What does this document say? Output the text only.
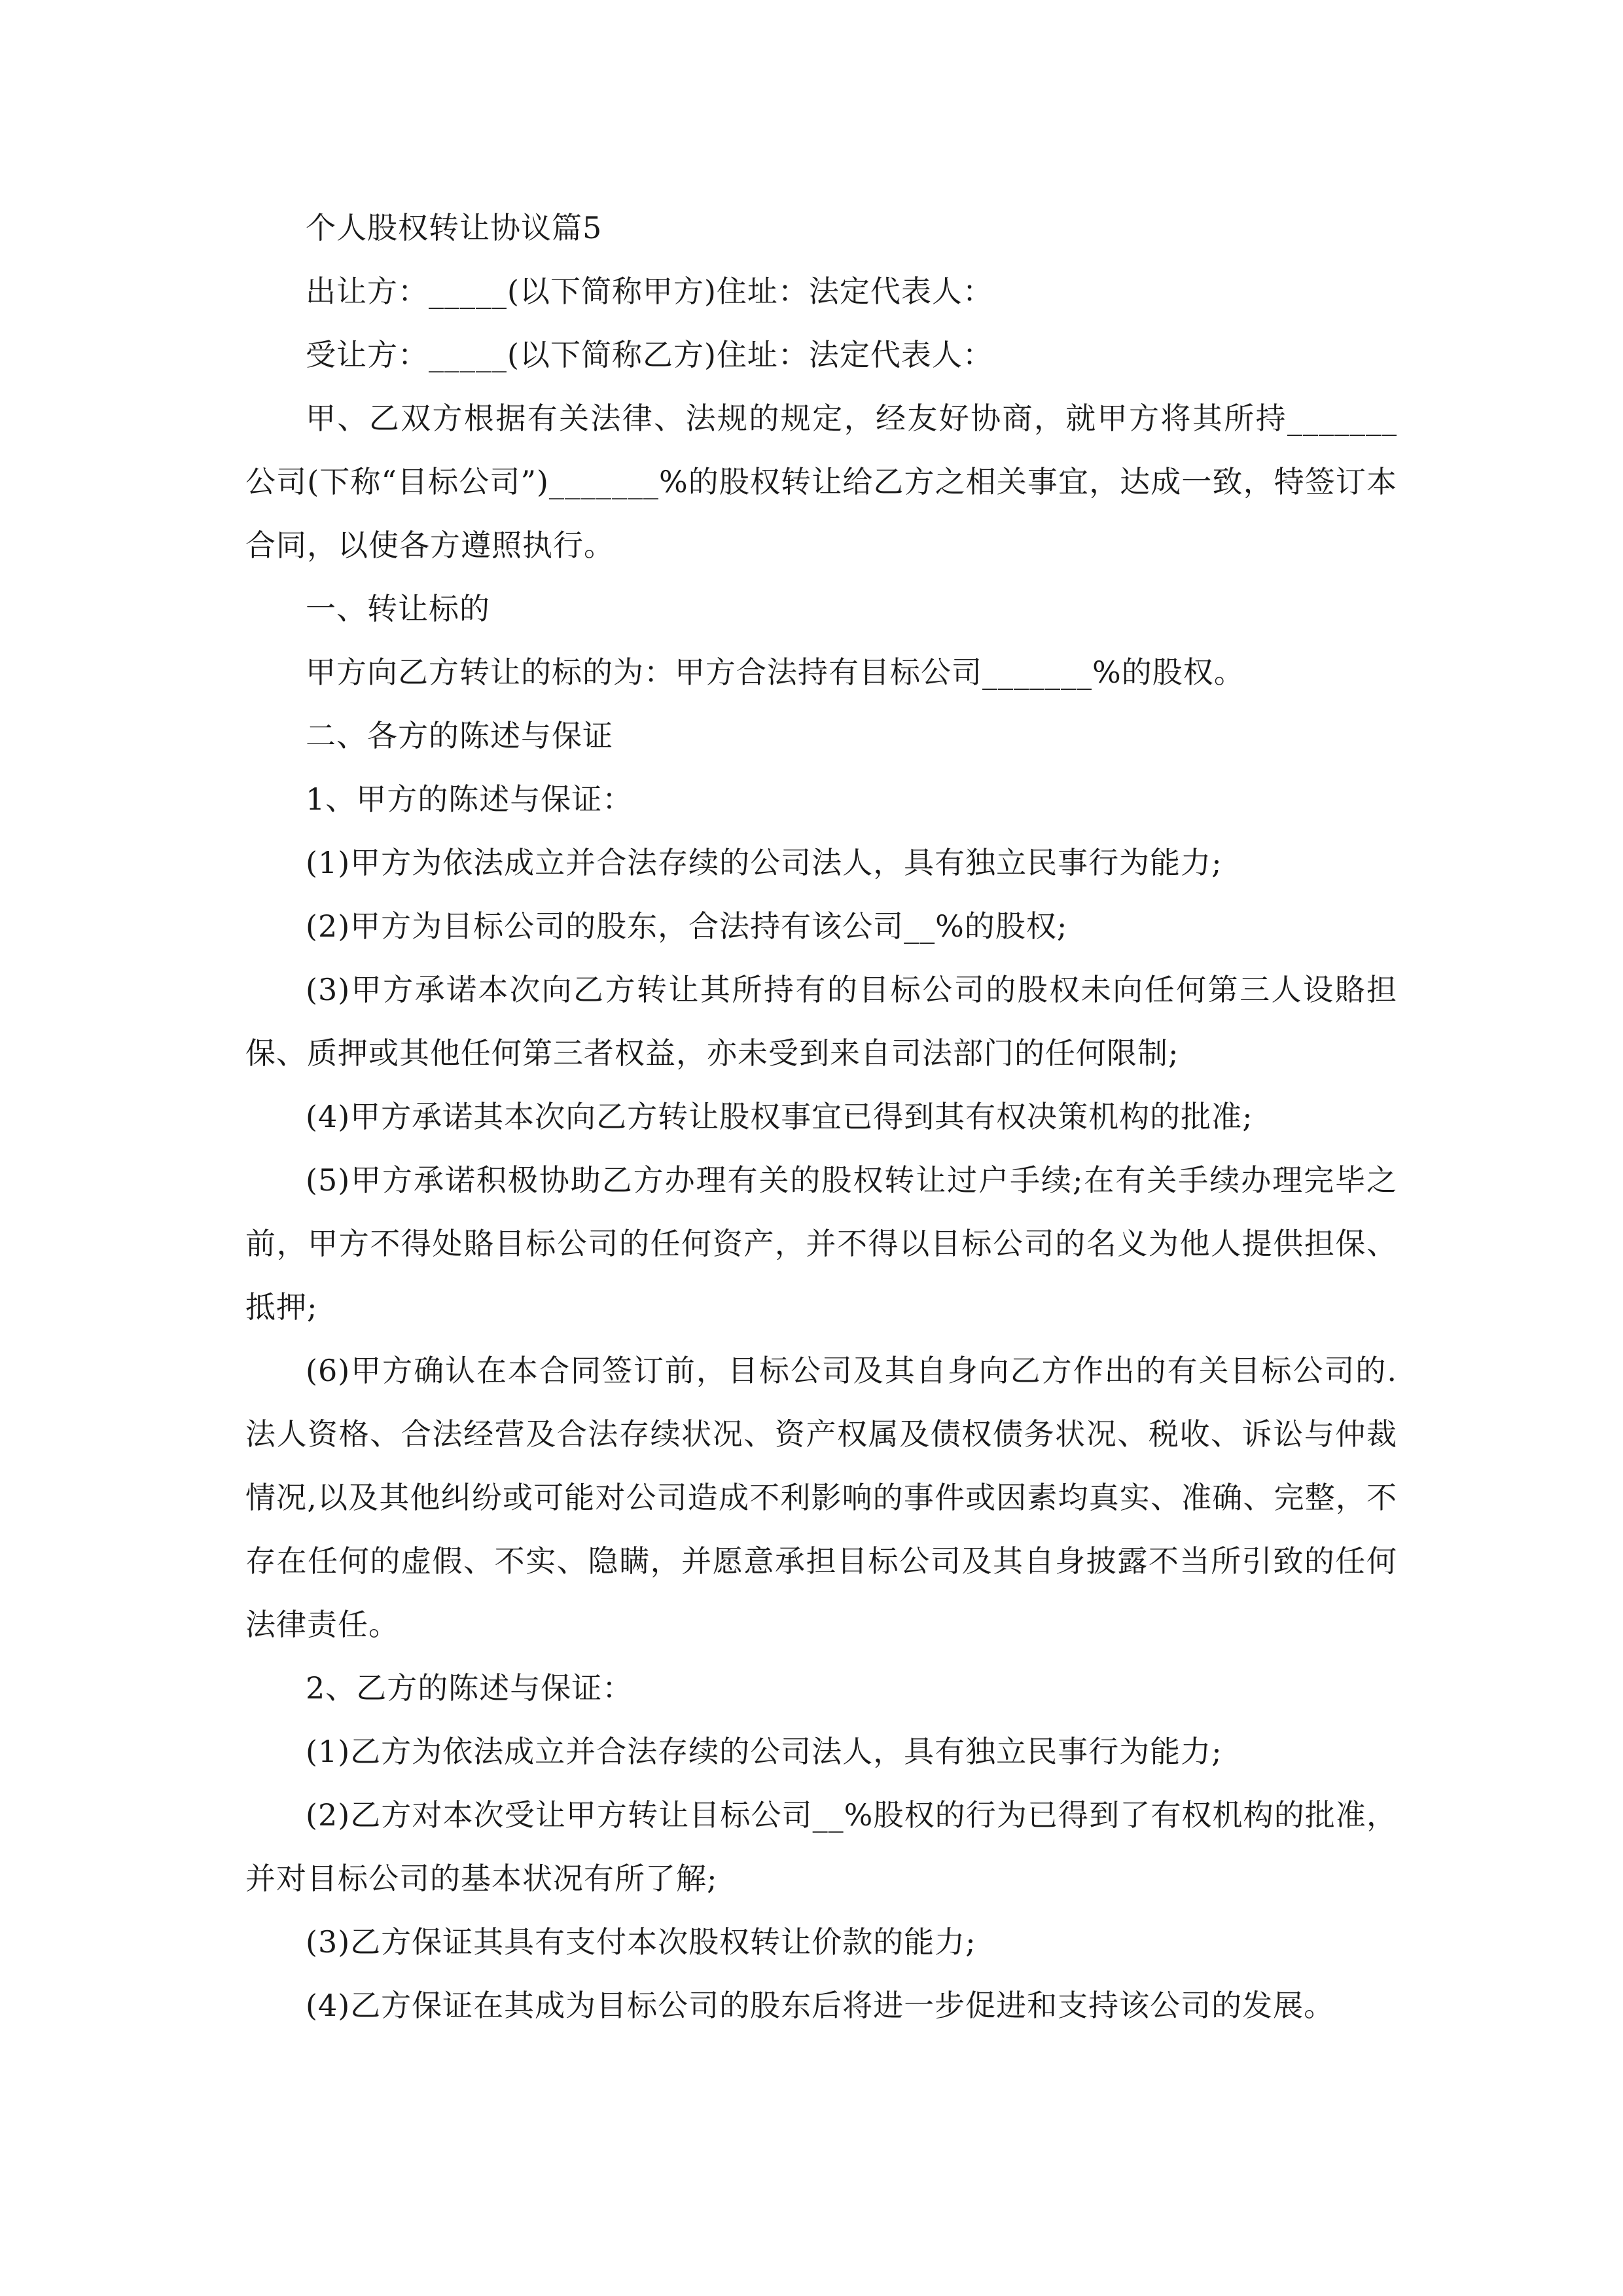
个人股权转让协议篇5

出让方：_____(以下简称甲方)住址：法定代表人：

受让方：_____(以下简称乙方)住址：法定代表人：

甲、乙双方根据有关法律、法规的规定，经友好协商，就甲方将其所持_______公司(下称“目标公司”)_______%的股权转让给乙方之相关事宜，达成一致，特签订本合同，以使各方遵照执行。

一、转让标的

甲方向乙方转让的标的为：甲方合法持有目标公司_______%的股权。

二、各方的陈述与保证

1、甲方的陈述与保证：

(1)甲方为依法成立并合法存续的公司法人，具有独立民事行为能力;

(2)甲方为目标公司的股东，合法持有该公司__%的股权;

(3)甲方承诺本次向乙方转让其所持有的目标公司的股权未向任何第三人设賂担保、质押或其他任何第三者权益，亦未受到来自司法部门的任何限制;

(4)甲方承诺其本次向乙方转让股权事宜已得到其有权决策机构的批准;

(5)甲方承诺积极协助乙方办理有关的股权转让过户手续;在有关手续办理完毕之前，甲方不得处賂目标公司的任何资产，并不得以目标公司的名义为他人提供担保、抵押;

(6)甲方确认在本合同签订前，目标公司及其自身向乙方作出的有关目标公司的.法人资格、合法经营及合法存续状况、资产权属及债权债务状况、税收、诉讼与仲裁情况,以及其他纠纷或可能对公司造成不利影响的事件或因素均真实、准确、完整，不存在任何的虚假、不实、隐瞒，并愿意承担目标公司及其自身披露不当所引致的任何法律责任。

2、乙方的陈述与保证：

(1)乙方为依法成立并合法存续的公司法人，具有独立民事行为能力;

(2)乙方对本次受让甲方转让目标公司__%股权的行为已得到了有权机构的批准，并对目标公司的基本状况有所了解;

(3)乙方保证其具有支付本次股权转让价款的能力;

(4)乙方保证在其成为目标公司的股东后将进一步促进和支持该公司的发展。
